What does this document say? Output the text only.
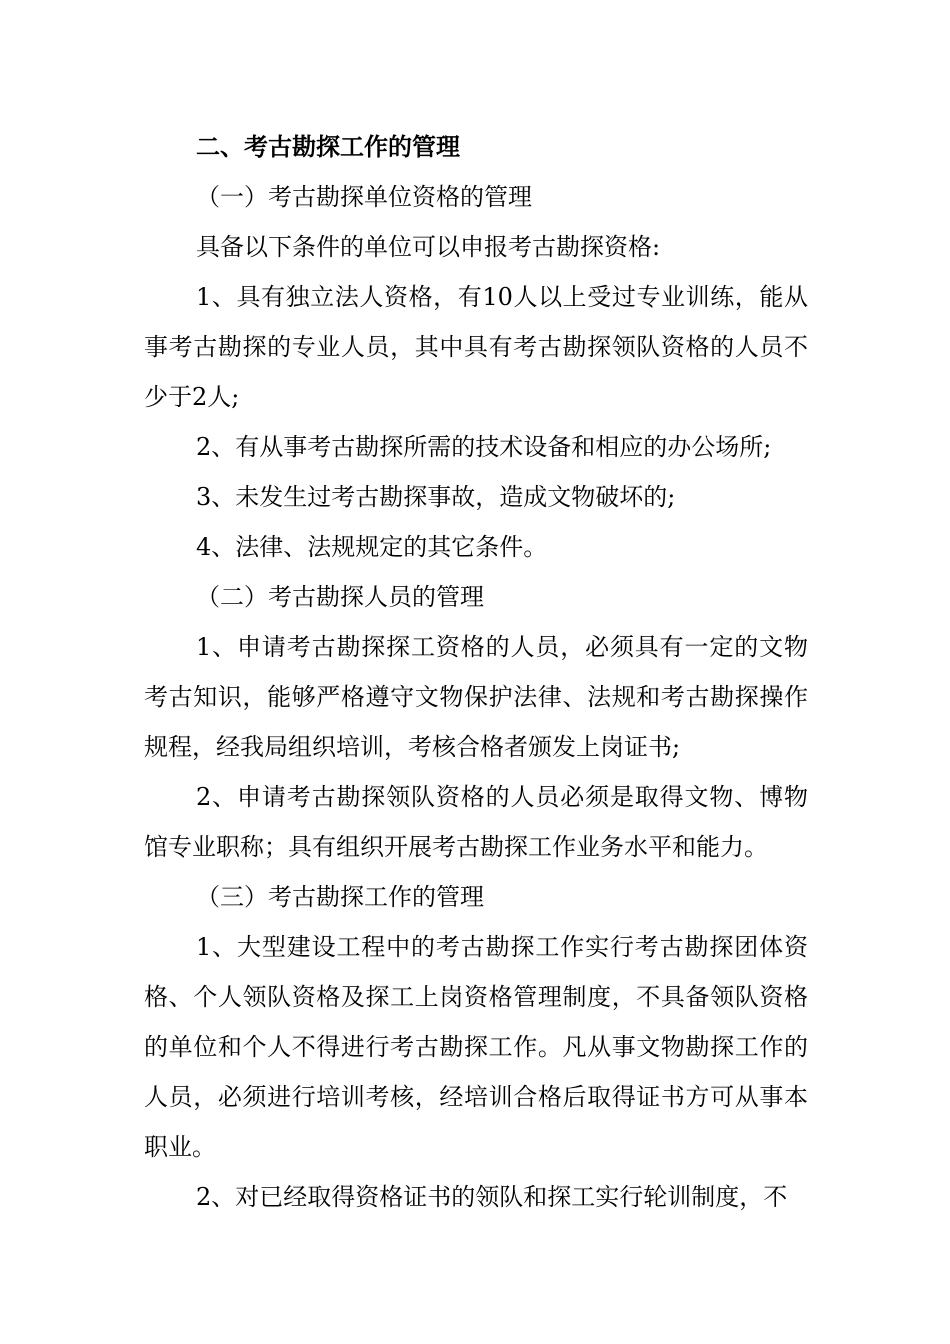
二、考古勘探工作的管理

（一）考古勘探单位资格的管理

具备以下条件的单位可以申报考古勘探资格:

1、具有独立法人资格，有10人以上受过专业训练，能从事考古勘探的专业人员，其中具有考古勘探领队资格的人员不少于2人;

2、有从事考古勘探所需的技术设备和相应的办公场所;

3、未发生过考古勘探事故，造成文物破坏的;

4、法律、法规规定的其它条件。

（二）考古勘探人员的管理

1、申请考古勘探探工资格的人员，必须具有一定的文物考古知识，能够严格遵守文物保护法律、法规和考古勘探操作规程，经我局组织培训，考核合格者颁发上岗证书;

2、申请考古勘探领队资格的人员必须是取得文物、博物馆专业职称；具有组织开展考古勘探工作业务水平和能力。

（三）考古勘探工作的管理

1、大型建设工程中的考古勘探工作实行考古勘探团体资格、个人领队资格及探工上岗资格管理制度，不具备领队资格的单位和个人不得进行考古勘探工作。凡从事文物勘探工作的人员，必须进行培训考核，经培训合格后取得证书方可从事本职业。

2、对已经取得资格证书的领队和探工实行轮训制度，不
